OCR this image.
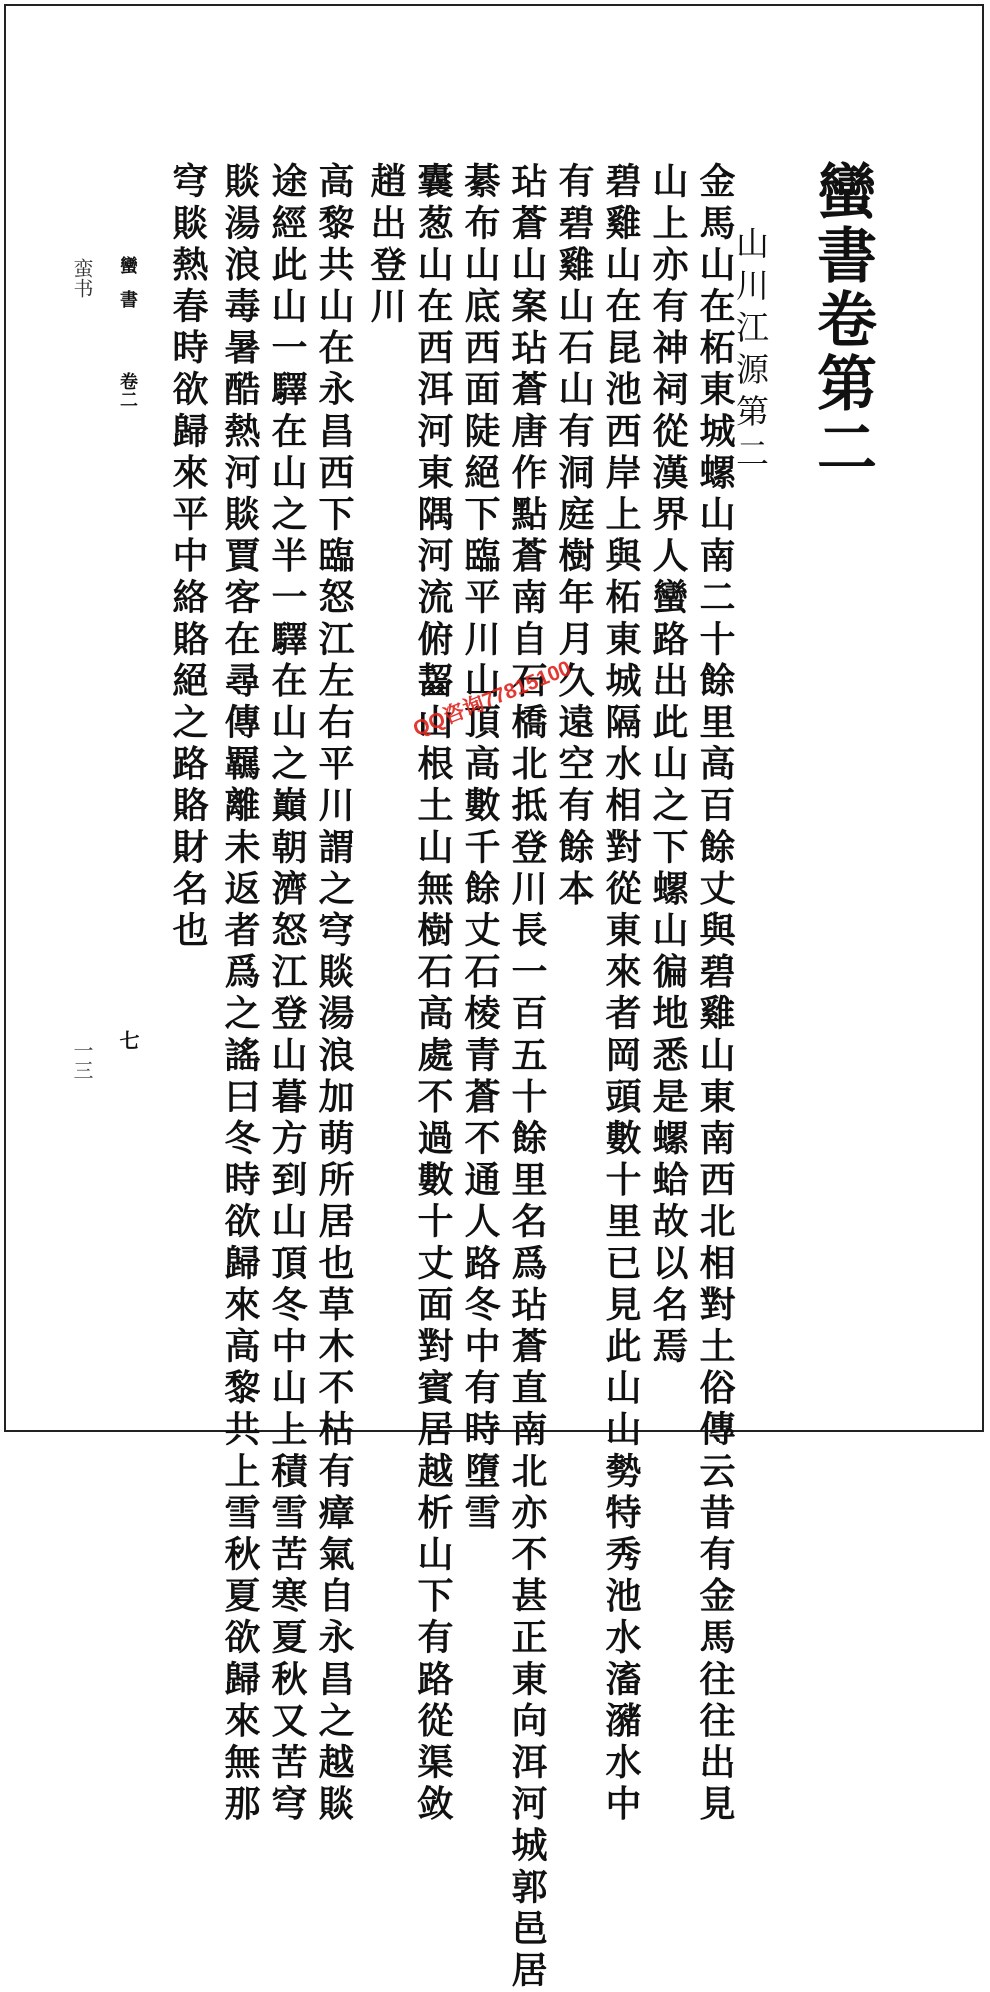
蠻書卷第二
山川江源第二
金馬山在柘東城螺山南二十餘里高百餘丈與碧雞山東南西北相對土俗傳云昔有金馬往往出見
山上亦有神祠從漢界人蠻路出此山之下螺山徧地悉是螺蛤故以名焉
碧雞山在昆池西岸上與柘東城隔水相對從東來者岡頭數十里已見此山山勢特秀池水滀瀦水中
有碧雞山石山有洞庭樹年月久遠空有餘本
玷蒼山案玷蒼唐作點蒼南自石橋北抵登川長一百五十餘里名爲玷蒼直南北亦不甚正東向洱河城郭邑居
綦布山底西面陡絕下臨平川山頂高數千餘丈石棱青蒼不通人路冬中有時墮雪
囊葱山在西洱河東隅河流俯齧山根土山無樹石高處不過數十丈面對賓居越析山下有路從渠敛
趙出登川
高黎共山在永昌西下臨怒江左右平川謂之穹賧湯浪加萌所居也草木不枯有瘴氣自永昌之越賧
途經此山一驛在山之半一驛在山之巔朝濟怒江登山暮方到山頂冬中山上積雪苦寒夏秋又苦穹
賧湯浪毒暑酷熱河賧賈客在尋傳羈離未返者爲之謠曰冬時欲歸來高黎共上雪秋夏欲歸來無那
穹賧熱春時欲歸來平中絡賂絕之路賂財名也
蠻書
卷二
七
蛮书
一三
QQ咨询77815100
